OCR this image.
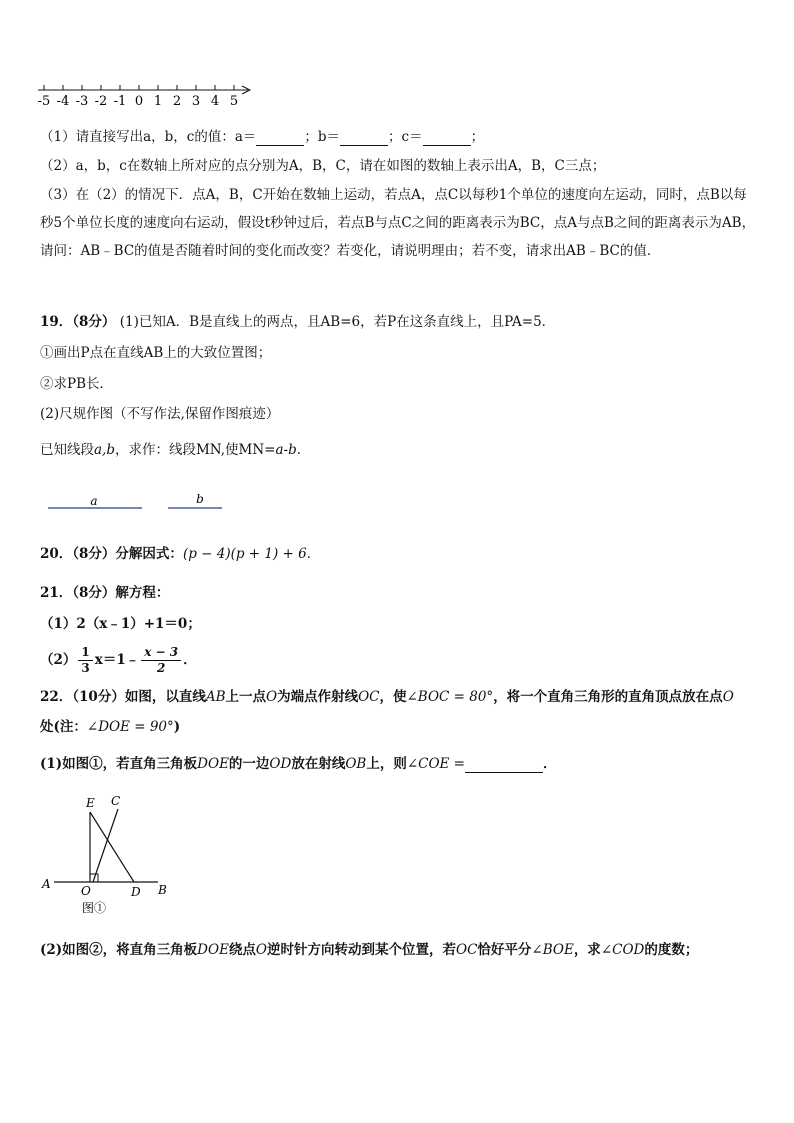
-5 -4 -3 -2 -1 0 1 2 3 4 5
（1）请直接写出a，b，c的值：a＝	；b＝	；c＝	；
（2）a，b，c在数轴上所对应的点分别为A，B，C，请在如图的数轴上表示出A，B，C三点；
（3）在（2）的情况下．点A，B，C开始在数轴上运动，若点A，点C以每秒1个单位的速度向左运动，同时，点B以每秒5个单位长度的速度向右运动，假设t秒钟过后，若点B与点C之间的距离表示为BC，点A与点B之间的距离表示为AB，请问：AB﹣BC的值是否随着时间的变化而改变？若变化，请说明理由；若不变，请求出AB﹣BC的值．
19．（8分） (1)已知A．B是直线上的两点，且AB=6，若P在这条直线上，且PA=5．
①画出P点在直线AB上的大致位置图；
②求PB长．
(2)尺规作图（不写作法,保留作图痕迹）
已知线段a,b，求作：线段MN,使MN=a-b．
a	b
20．（8分）分解因式：(p − 4)(p + 1) + 6．
21．（8分）解方程：
（1）2（x﹣1）+1＝0；
$(2) \frac{1}{3}$ x＝1﹣ $\frac{x - 3}{2}$ ．
22．（10分）如图，以直线AB上一点O为端点作射线OC，使∠BOC = 80°，将一个直角三角形的直角顶点放在点O
处(注：∠DOE = 90°)
(1)如图①，若直角三角板DOE的一边OD放在射线OB上，则∠COE =	．
E C
A	O	D B
图①
(2)如图②，将直角三角板DOE绕点O逆时针方向转动到某个位置，若OC恰好平分∠BOE，求∠COD的度数；
